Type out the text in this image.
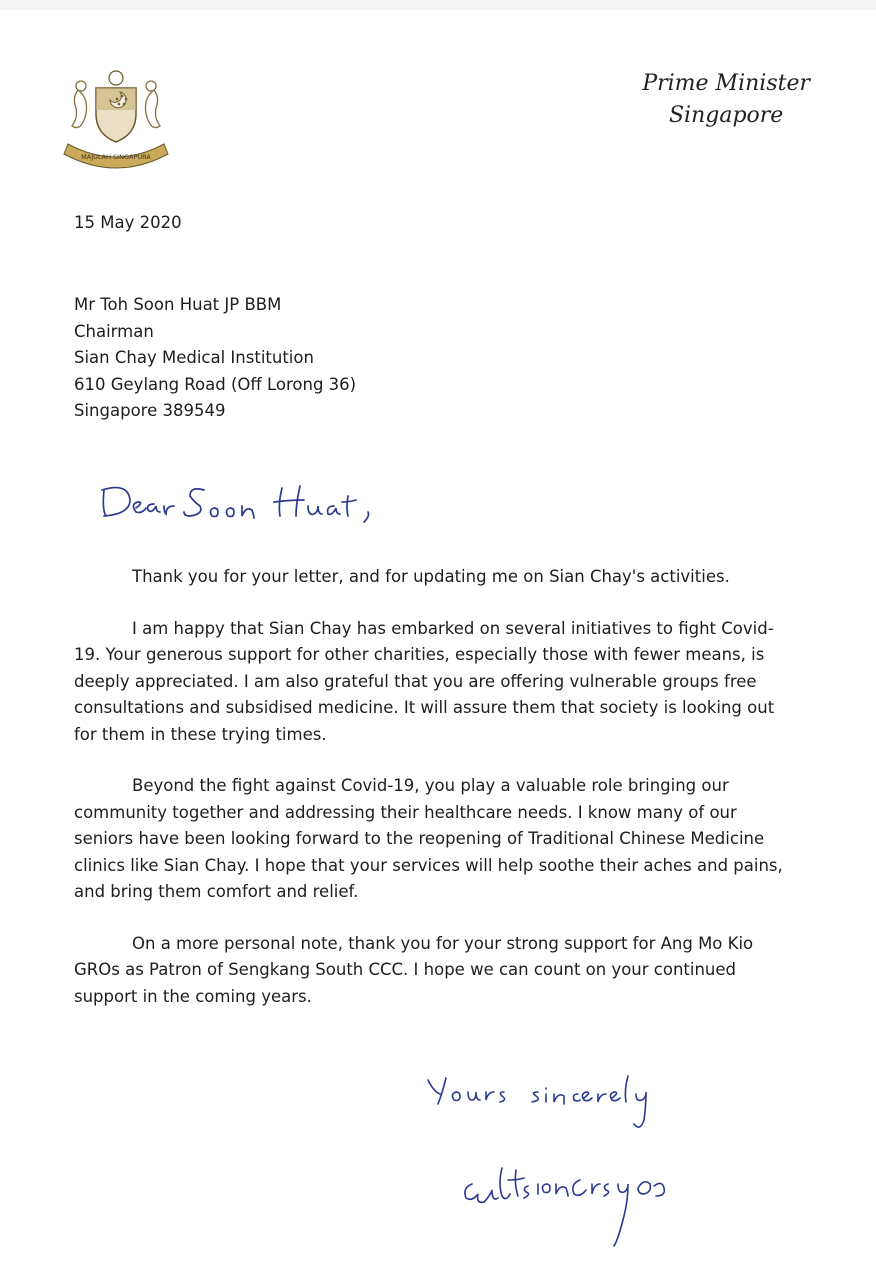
MAJULAH SINGAPURA
Prime Minister
Singapore
15 May 2020
Mr Toh Soon Huat JP BBM
Chairman
Sian Chay Medical Institution
610 Geylang Road (Off Lorong 36)
Singapore 389549

Thank you for your letter, and for updating me on Sian Chay's activities.

I am happy that Sian Chay has embarked on several initiatives to fight Covid-19. Your generous support for other charities, especially those with fewer means, is deeply appreciated. I am also grateful that you are offering vulnerable groups free consultations and subsidised medicine. It will assure them that society is looking out for them in these trying times.

Beyond the fight against Covid-19, you play a valuable role bringing our community together and addressing their healthcare needs. I know many of our seniors have been looking forward to the reopening of Traditional Chinese Medicine clinics like Sian Chay. I hope that your services will help soothe their aches and pains, and bring them comfort and relief.

On a more personal note, thank you for your strong support for Ang Mo Kio GROs as Patron of Sengkang South CCC. I hope we can count on your continued support in the coming years.
